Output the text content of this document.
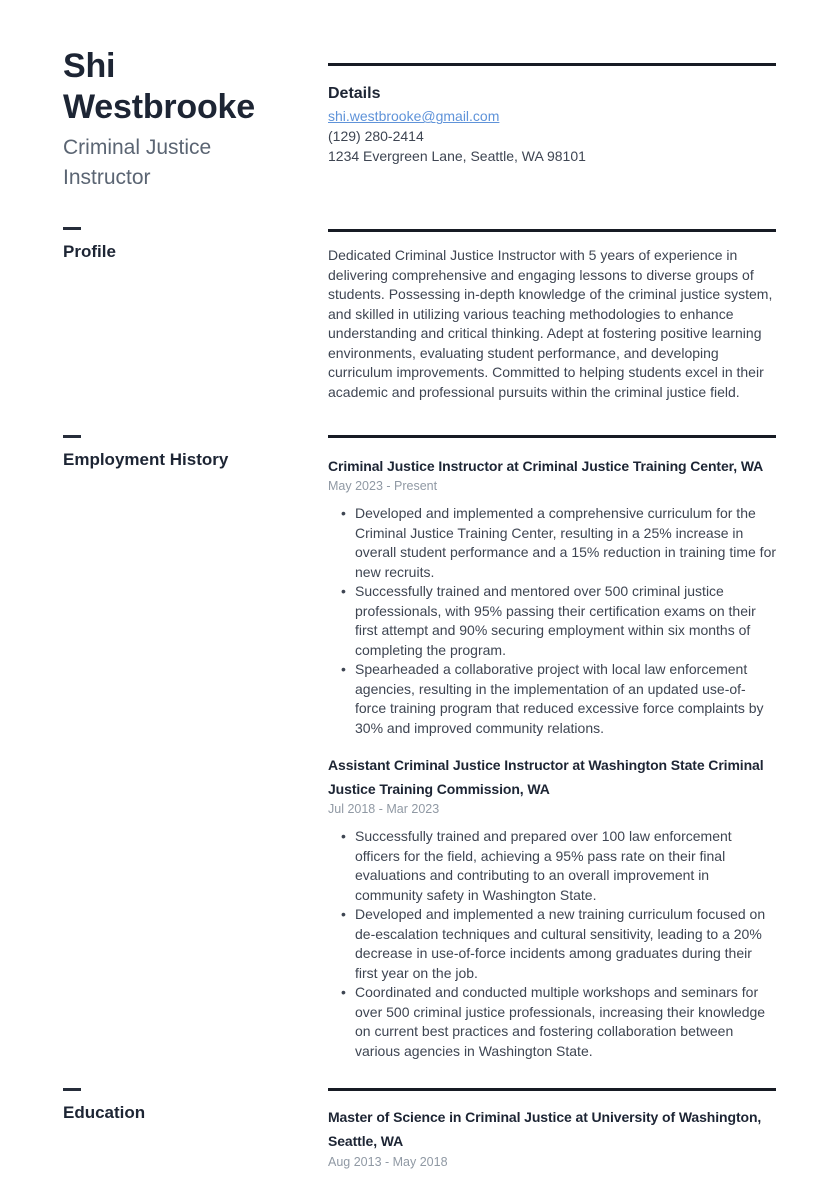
Shi Westbrooke
Criminal Justice Instructor
Profile
Employment History
Education
Details
shi.westbrooke@gmail.com
(129) 280-2414
1234 Evergreen Lane, Seattle, WA 98101

Dedicated Criminal Justice Instructor with 5 years of experience in delivering comprehensive and engaging lessons to diverse groups of students. Possessing in-depth knowledge of the criminal justice system, and skilled in utilizing various teaching methodologies to enhance understanding and critical thinking. Adept at fostering positive learning environments, evaluating student performance, and developing curriculum improvements. Committed to helping students excel in their academic and professional pursuits within the criminal justice field.

Criminal Justice Instructor at Criminal Justice Training Center, WA
May 2023 - Present
• Developed and implemented a comprehensive curriculum for the Criminal Justice Training Center, resulting in a 25% increase in overall student performance and a 15% reduction in training time for new recruits.
• Successfully trained and mentored over 500 criminal justice professionals, with 95% passing their certification exams on their first attempt and 90% securing employment within six months of completing the program.
• Spearheaded a collaborative project with local law enforcement agencies, resulting in the implementation of an updated use-of-force training program that reduced excessive force complaints by 30% and improved community relations.
Assistant Criminal Justice Instructor at Washington State Criminal Justice Training Commission, WA
Jul 2018 - Mar 2023
• Successfully trained and prepared over 100 law enforcement officers for the field, achieving a 95% pass rate on their final evaluations and contributing to an overall improvement in community safety in Washington State.
• Developed and implemented a new training curriculum focused on de-escalation techniques and cultural sensitivity, leading to a 20% decrease in use-of-force incidents among graduates during their first year on the job.
• Coordinated and conducted multiple workshops and seminars for over 500 criminal justice professionals, increasing their knowledge on current best practices and fostering collaboration between various agencies in Washington State.
Master of Science in Criminal Justice at University of Washington, Seattle, WA
Aug 2013 - May 2018
